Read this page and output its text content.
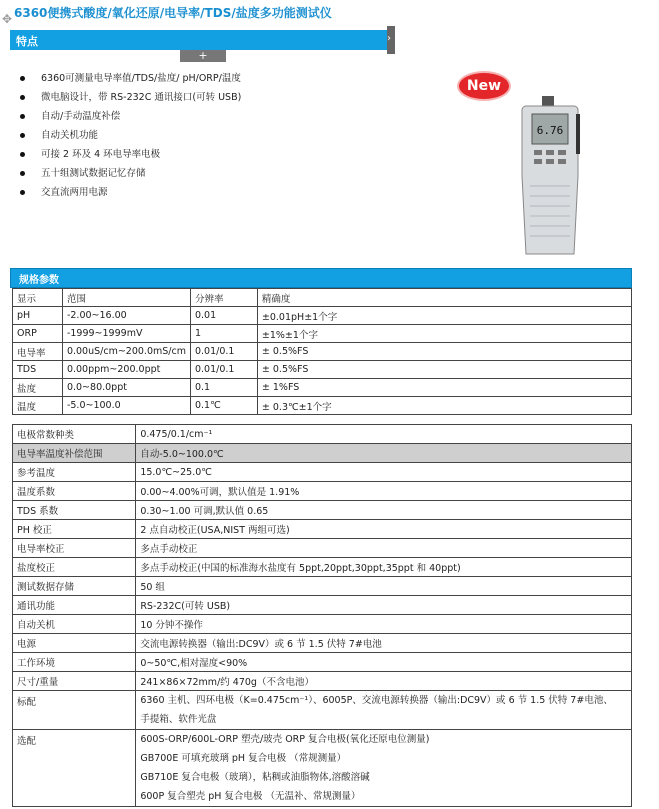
✥ 6360便携式酸度/氧化还原/电导率/TDS/盐度多功能测试仪
特点	›
+
6360可测量电导率值/TDS/盐度/ pH/ORP/温度
微电脑设计，带 RS-232C 通讯接口(可转 USB)
自动/手动温度补偿
自动关机功能
可接 2 环及 4 环电导率电极
五十组测试数据记忆存储
交直流两用电源
New
6.76
规格参数
显示	范围	分辨率	精确度
pH	-2.00~16.00	0.01	±0.01pH±1个字
ORP	-1999~1999mV	1	±1%±1个字
电导率	0.00uS/cm~200.0mS/cm	0.01/0.1	± 0.5%FS
TDS	0.00ppm~200.0ppt	0.01/0.1	± 0.5%FS
盐度	0.0~80.0ppt	0.1	± 1%FS
温度	-5.0~100.0	0.1℃	± 0.3℃±1个字
电极常数种类	0.475/0.1/cm⁻¹
电导率温度补偿范围	自动-5.0~100.0℃
参考温度	15.0℃~25.0℃
温度系数	0.00~4.00%可调，默认值是 1.91%
TDS 系数	0.30~1.00 可调,默认值 0.65
PH 校正	2 点自动校正(USA,NIST 两组可选)
电导率校正	多点手动校正
盐度校正	多点手动校正(中国的标准海水盐度有 5ppt,20ppt,30ppt,35ppt 和 40ppt)
测试数据存储	50 组
通讯功能	RS-232C(可转 USB)
自动关机	10 分钟不操作
电源	交流电源转换器（输出:DC9V）或 6 节 1.5 伏特 7#电池
工作环境	0~50℃,相对湿度<90%
尺寸/重量	241×86×72mm/约 470g（不含电池）
标配	6360 主机、四环电极（K=0.475cm⁻¹）、6005P、交流电源转换器（输出:DC9V）或 6 节 1.5 伏特 7#电池、
手提箱、软件光盘

选配	600S-ORP/600L-ORP 塑壳/玻壳 ORP 复合电极(氧化还原电位测量)
GB700E 可填充玻璃 pH 复合电极 （常规测量）
GB710E 复合电极（玻璃），粘稠或油脂物体,溶酸溶碱
600P 复合塑壳 pH 复合电极 （无温补、常规测量）
